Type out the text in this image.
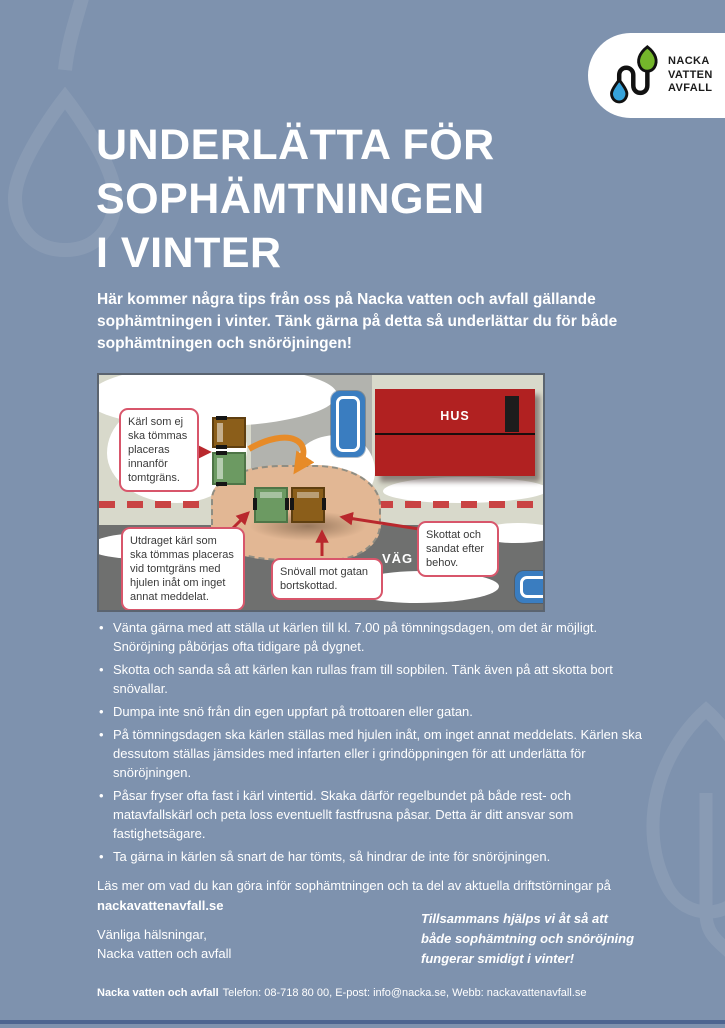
NACKA
VATTEN
AVFALL
UNDERLÄTTA FÖR
SOPHÄMTNINGEN
I VINTER

Här kommer några tips från oss på Nacka vatten och avfall gällande sophämtningen i vinter. Tänk gärna på detta så underlättar du för både sophämtningen och snöröjningen!

HUS
VÄG
Kärl som ej ska tömmas placeras innanför tomtgräns.
Utdraget kärl som ska tömmas placeras vid tomtgräns med hjulen inåt om inget annat meddelat.
Snövall mot gatan bortskottad.
Skottat och sandat efter behov.
• Vänta gärna med att ställa ut kärlen till kl. 7.00 på tömningsdagen, om det är möjligt. Snöröjning påbörjas ofta tidigare på dygnet.
• Skotta och sanda så att kärlen kan rullas fram till sopbilen. Tänk även på att skotta bort snövallar.
• Dumpa inte snö från din egen uppfart på trottoaren eller gatan.
• På tömningsdagen ska kärlen ställas med hjulen inåt, om inget annat meddelats. Kärlen ska dessutom ställas jämsides med infarten eller i grindöppningen för att underlätta för snöröjningen.
• Påsar fryser ofta fast i kärl vintertid. Skaka därför regelbundet på både rest- och matavfallskärl och peta loss eventuellt fastfrusna påsar. Detta är ditt ansvar som fastighetsägare.
• Ta gärna in kärlen så snart de har tömts, så hindrar de inte för snöröjningen.

Läs mer om vad du kan göra inför sophämtningen och ta del av aktuella driftstörningar på
nackavattenavfall.se

Vänliga hälsningar,
Nacka vatten och avfall
Tillsammans hjälps vi åt så att både sophämtning och snöröjning fungerar smidigt i vinter!
Nacka vatten och avfall Telefon: 08-718 80 00, E-post: info@nacka.se, Webb: nackavattenavfall.se
